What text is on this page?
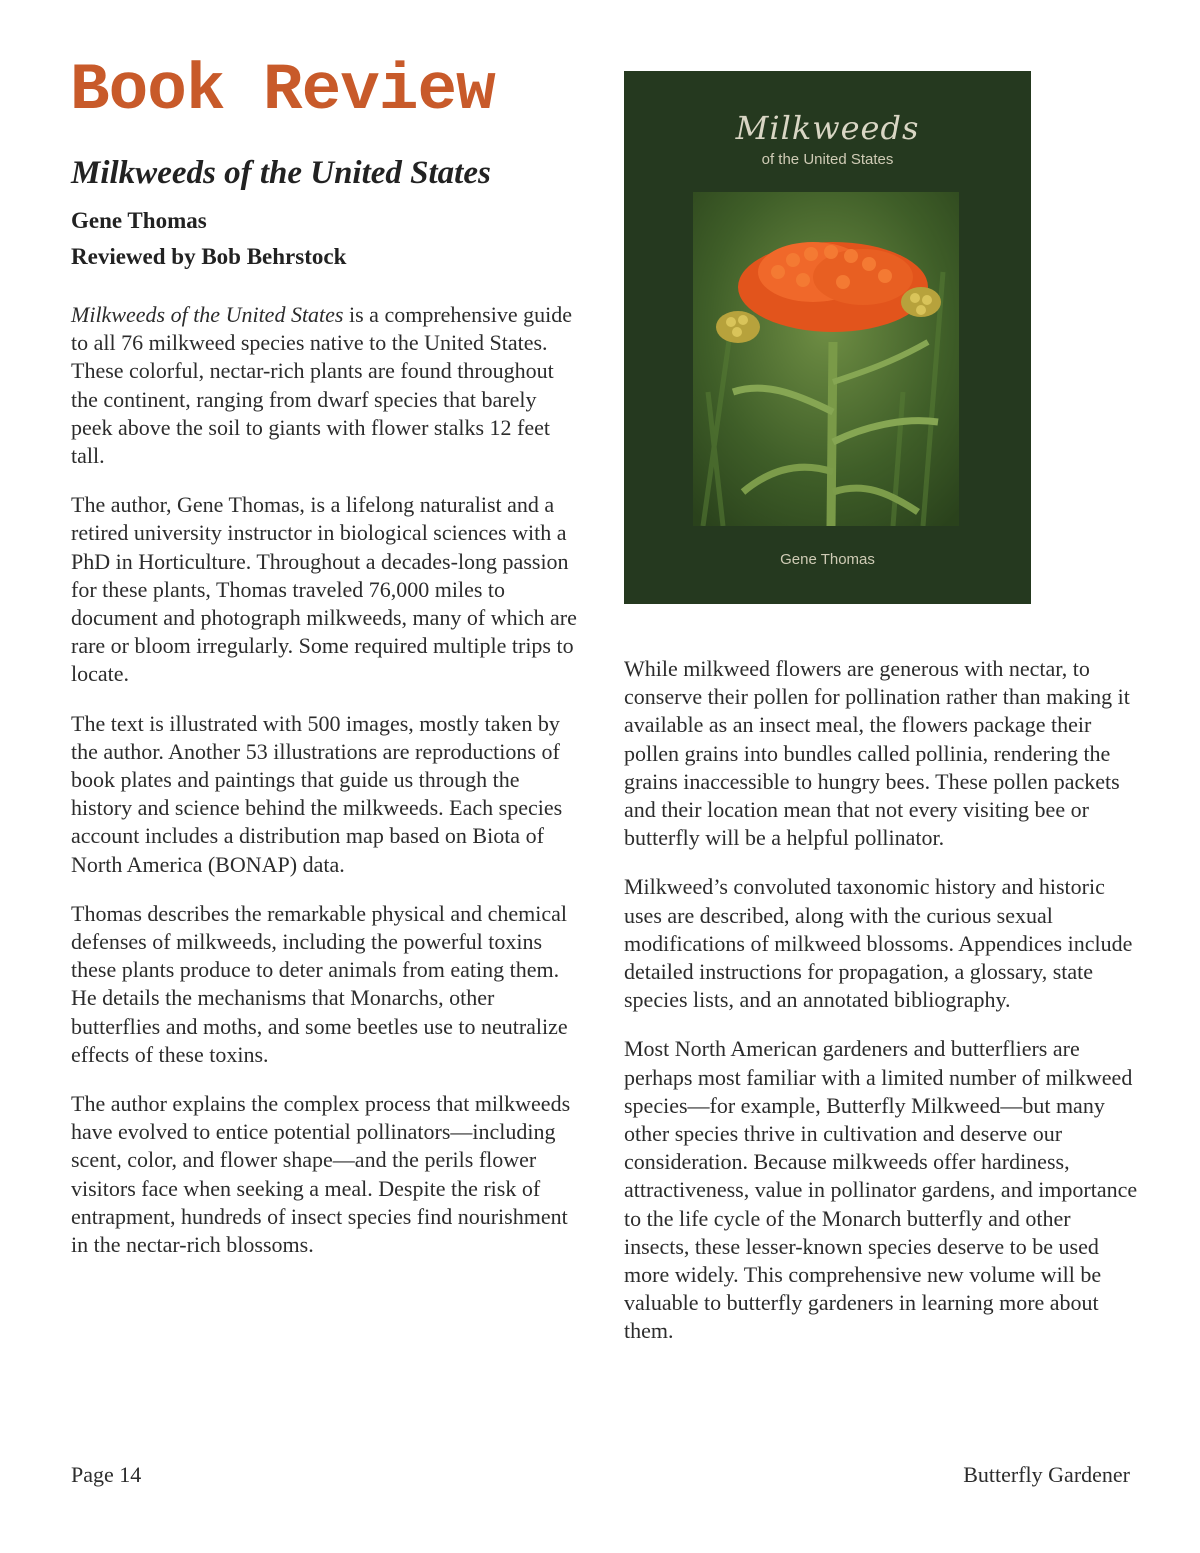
Book Review
Milkweeds of the United States

Gene Thomas

Reviewed by Bob Behrstock

Milkweeds of the United States is a comprehensive guide to all 76 milkweed species native to the United States. These colorful, nectar-rich plants are found throughout the continent, ranging from dwarf species that barely peek above the soil to giants with flower stalks 12 feet tall.

The author, Gene Thomas, is a lifelong naturalist and a retired university instructor in biological sciences with a PhD in Horticulture. Throughout a decades-long passion for these plants, Thomas traveled 76,000 miles to document and photograph milkweeds, many of which are rare or bloom irregularly. Some required multiple trips to locate.

The text is illustrated with 500 images, mostly taken by the author. Another 53 illustrations are reproductions of book plates and paintings that guide us through the history and science behind the milkweeds. Each species account includes a distribution map based on Biota of North America (BONAP) data.

Thomas describes the remarkable physical and chemical defenses of milkweeds, including the powerful toxins these plants produce to deter animals from eating them. He details the mechanisms that Monarchs, other butterflies and moths, and some beetles use to neutralize effects of these toxins.

The author explains the complex process that milkweeds have evolved to entice potential pollinators—including scent, color, and flower shape—and the perils flower visitors face when seeking a meal. Despite the risk of entrapment, hundreds of insect species find nourishment in the nectar-rich blossoms.

Milkweeds
of the United States
Gene Thomas

While milkweed flowers are generous with nectar, to conserve their pollen for pollination rather than making it available as an insect meal, the flowers package their pollen grains into bundles called pollinia, rendering the grains inaccessible to hungry bees. These pollen packets and their location mean that not every visiting bee or butterfly will be a helpful pollinator.

Milkweed’s convoluted taxonomic history and historic uses are described, along with the curious sexual modifications of milkweed blossoms. Appendices include detailed instructions for propagation, a glossary, state species lists, and an annotated bibliography.

Most North American gardeners and butterfliers are perhaps most familiar with a limited number of milkweed species—for example, Butterfly Milkweed—but many other species thrive in cultivation and deserve our consideration. Because milkweeds offer hardiness, attractiveness, value in pollinator gardens, and importance to the life cycle of the Monarch butterfly and other insects, these lesser-known species deserve to be used more widely. This comprehensive new volume will be valuable to butterfly gardeners in learning more about them.

Page 14	Butterfly Gardener
